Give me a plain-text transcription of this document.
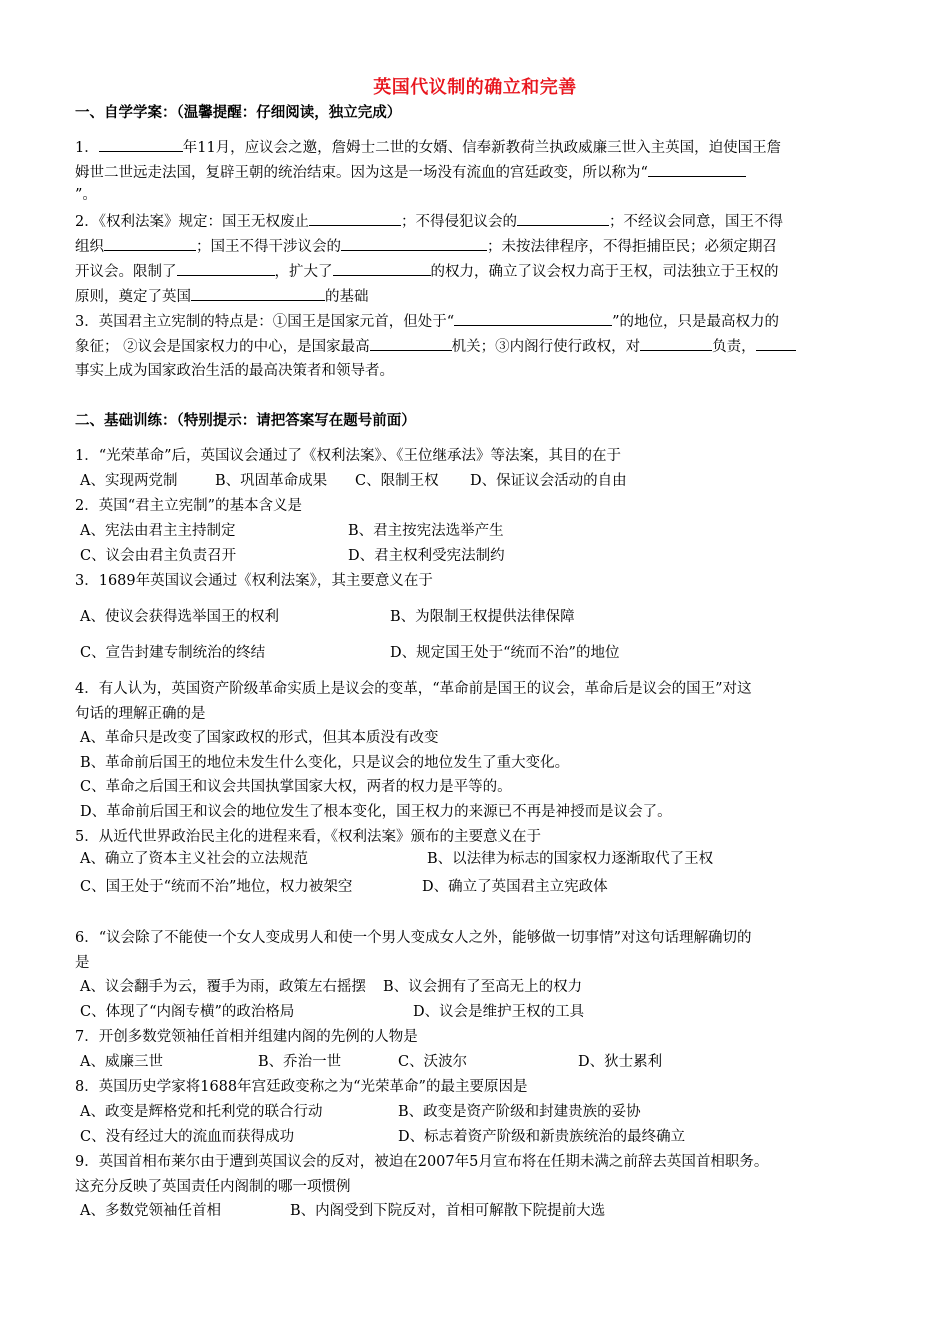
英国代议制的确立和完善
一、自学学案：（温馨提醒：仔细阅读，独立完成）
1．	年11月，应议会之邀，詹姆士二世的女婿、信奉新教荷兰执政威廉三世入主英国，迫使国王詹
姆世二世远走法国，复辟王朝的统治结束。因为这是一场没有流血的宫廷政变，所以称为“
”。
2．《权利法案》规定：国王无权废止	；不得侵犯议会的	；不经议会同意，国王不得
组织	；国王不得干涉议会的	；未按法律程序，不得拒捕臣民；必须定期召
开议会。限制了	，扩大了	的权力，确立了议会权力高于王权，司法独立于王权的
原则，奠定了英国	的基础
3．英国君主立宪制的特点是：①国王是国家元首，但处于“	”的地位，只是最高权力的
象征； ②议会是国家权力的中心，是国家最高	机关；③内阁行使行政权，对	负责，
事实上成为国家政治生活的最高决策者和领导者。
二、基础训练：（特别提示：请把答案写在题号前面）
1．“光荣革命”后，英国议会通过了《权利法案》、《王位继承法》等法案，其目的在于
A、实现两党制	B、巩固革命成果 C、限制王权 D、保证议会活动的自由
2．英国“君主立宪制”的基本含义是
A、宪法由君主主持制定	B、君主按宪法选举产生
C、议会由君主负责召开	D、君主权利受宪法制约
3．1689年英国议会通过《权利法案》，其主要意义在于
A、使议会获得选举国王的权利	B、为限制王权提供法律保障
C、宣告封建专制统治的终结	D、规定国王处于“统而不治”的地位
4．有人认为，英国资产阶级革命实质上是议会的变革，“革命前是国王的议会，革命后是议会的国王”对这
句话的理解正确的是
A、革命只是改变了国家政权的形式，但其本质没有改变
B、革命前后国王的地位未发生什么变化，只是议会的地位发生了重大变化。
C、革命之后国王和议会共国执掌国家大权，两者的权力是平等的。
D、革命前后国王和议会的地位发生了根本变化，国王权力的来源已不再是神授而是议会了。
5．从近代世界政治民主化的进程来看，《权利法案》颁布的主要意义在于
A、确立了资本主义社会的立法规范	B、以法律为标志的国家权力逐渐取代了王权
C、国王处于“统而不治”地位，权力被架空	D、确立了英国君主立宪政体
6．“议会除了不能使一个女人变成男人和使一个男人变成女人之外，能够做一切事情”对这句话理解确切的
是
A、议会翻手为云，覆手为雨，政策左右摇摆 B、议会拥有了至高无上的权力
C、体现了“内阁专横”的政治格局	D、议会是维护王权的工具
7．开创多数党领袖任首相并组建内阁的先例的人物是
A、威廉三世	B、乔治一世	C、沃波尔	D、狄士累利
8．英国历史学家将1688年宫廷政变称之为“光荣革命”的最主要原因是
A、政变是辉格党和托利党的联合行动	B、政变是资产阶级和封建贵族的妥协
C、没有经过大的流血而获得成功	D、标志着资产阶级和新贵族统治的最终确立
9．英国首相布莱尔由于遭到英国议会的反对，被迫在2007年5月宣布将在任期未满之前辞去英国首相职务。
这充分反映了英国责任内阁制的哪一项惯例
A、多数党领袖任首相	B、内阁受到下院反对，首相可解散下院提前大选
